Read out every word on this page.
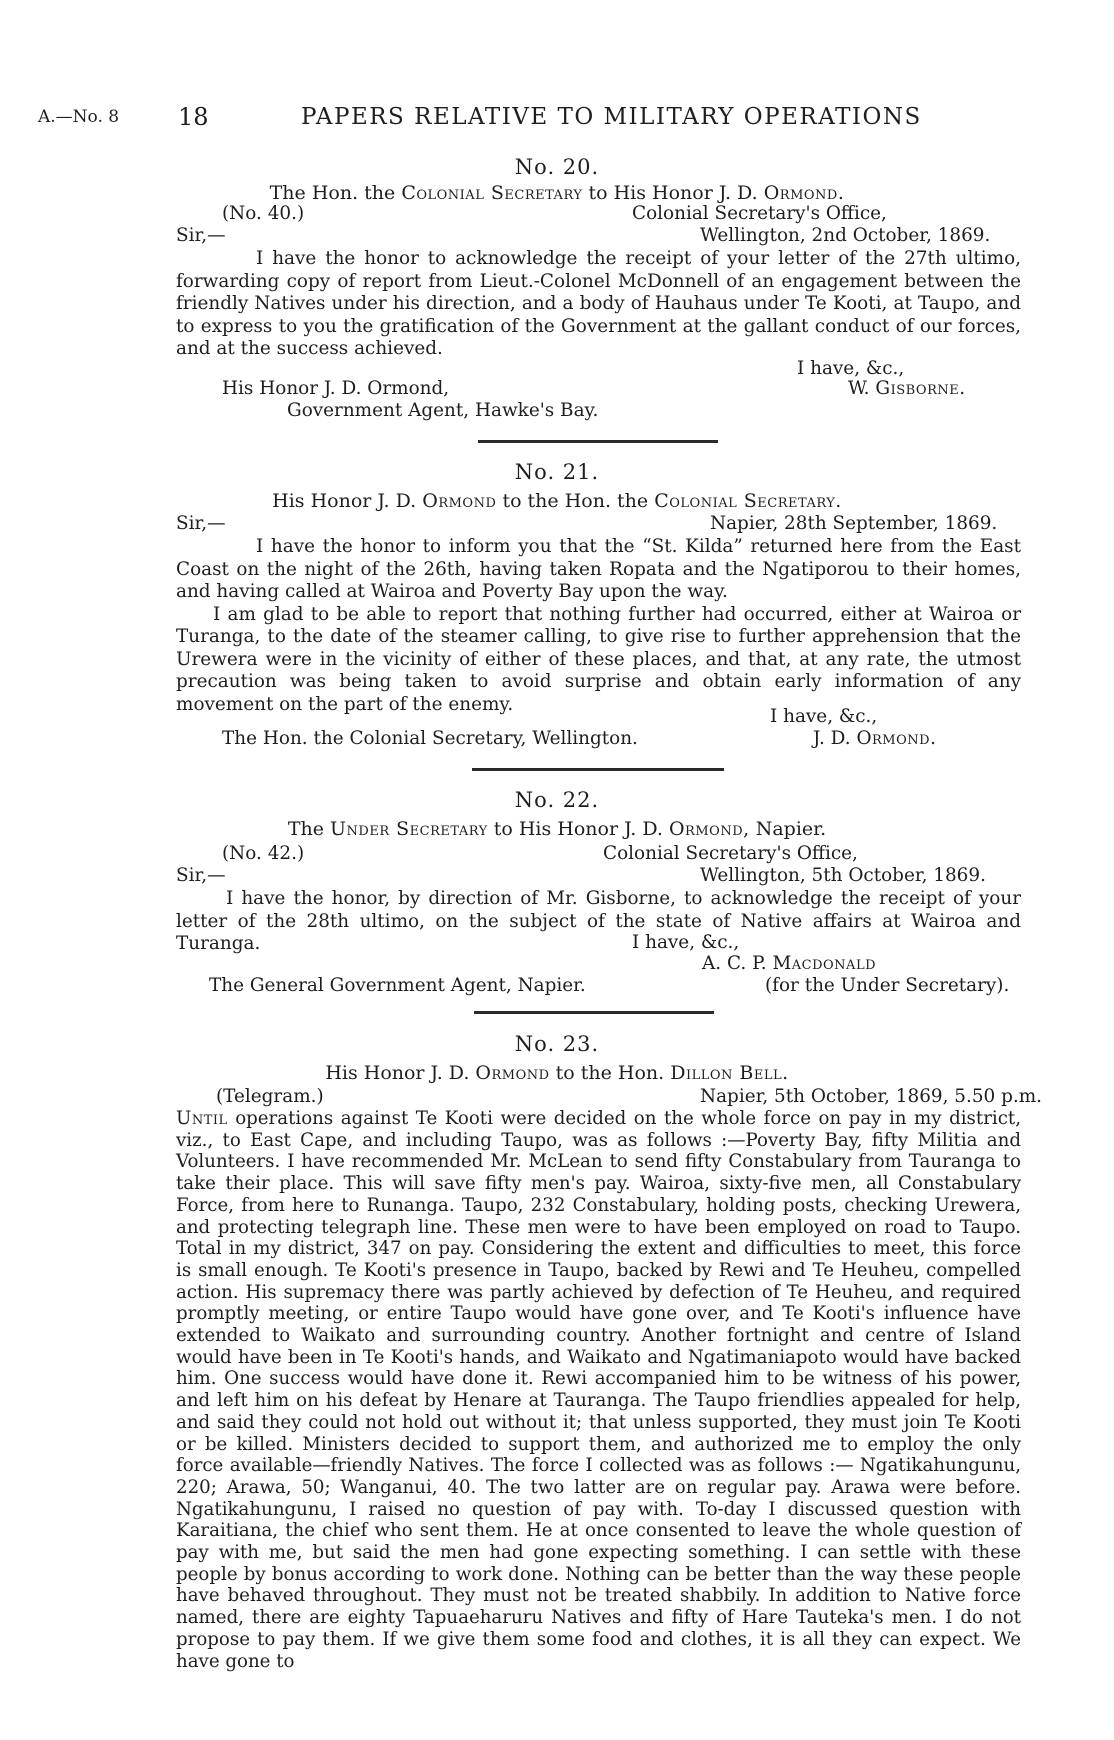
A.—No. 8 18	PAPERS RELATIVE TO MILITARY OPERATIONS
No. 20.
The Hon. the Colonial Secretary to His Honor J. D. Ormond.
(No. 40.)	Colonial Secretary's Office,
Sir,—	Wellington, 2nd October, 1869.

I have the honor to acknowledge the receipt of your letter of the 27th ultimo, forwarding copy of report from Lieut.-Colonel McDonnell of an engagement between the friendly Natives under his direction, and a body of Hauhaus under Te Kooti, at Taupo, and to express to you the gratification of the Government at the gallant conduct of our forces, and at the success achieved.

I have, &c.,
His Honor J. D. Ormond,	W. Gisborne.
Government Agent, Hawke's Bay.
No. 21.
His Honor J. D. Ormond to the Hon. the Colonial Secretary.
Sir,—	Napier, 28th September, 1869.

I have the honor to inform you that the “St. Kilda” returned here from the East Coast on the night of the 26th, having taken Ropata and the Ngatiporou to their homes, and having called at Wairoa and Poverty Bay upon the way.

I am glad to be able to report that nothing further had occurred, either at Wairoa or Turanga, to the date of the steamer calling, to give rise to further apprehension that the Urewera were in the vicinity of either of these places, and that, at any rate, the utmost precaution was being taken to avoid surprise and obtain early information of any movement on the part of the enemy.

I have, &c.,
The Hon. the Colonial Secretary, Wellington.	J. D. Ormond.
No. 22.
The Under Secretary to His Honor J. D. Ormond, Napier.
(No. 42.)	Colonial Secretary's Office,
Sir,—	Wellington, 5th October, 1869.

I have the honor, by direction of Mr. Gisborne, to acknowledge the receipt of your letter of the 28th ultimo, on the subject of the state of Native affairs at Wairoa and Turanga.	I have, &c.,
A. C. P. Macdonald
The General Government Agent, Napier.	(for the Under Secretary).
No. 23.
His Honor J. D. Ormond to the Hon. Dillon Bell.
(Telegram.)	Napier, 5th October, 1869, 5.50 p.m.

Until operations against Te Kooti were decided on the whole force on pay in my district, viz., to East Cape, and including Taupo, was as follows :—Poverty Bay, fifty Militia and Volunteers. I have recommended Mr. McLean to send fifty Constabulary from Tauranga to take their place. This will save fifty men's pay. Wairoa, sixty-five men, all Constabulary Force, from here to Runanga. Taupo, 232 Constabulary, holding posts, checking Urewera, and protecting telegraph line. These men were to have been employed on road to Taupo. Total in my district, 347 on pay. Considering the extent and difficulties to meet, this force is small enough. Te Kooti's presence in Taupo, backed by Rewi and Te Heuheu, compelled action. His supremacy there was partly achieved by defection of Te Heuheu, and required promptly meeting, or entire Taupo would have gone over, and Te Kooti's influence have extended to Waikato and surrounding country. Another fortnight and centre of Island would have been in Te Kooti's hands, and Waikato and Ngatimaniapoto would have backed him. One success would have done it. Rewi accompanied him to be witness of his power, and left him on his defeat by Henare at Tauranga. The Taupo friendlies appealed for help, and said they could not hold out without it; that unless supported, they must join Te Kooti or be killed. Ministers decided to support them, and authorized me to employ the only force available—friendly Natives. The force I collected was as follows :— Ngatikahungunu, 220; Arawa, 50; Wanganui, 40. The two latter are on regular pay. Arawa were before. Ngatikahungunu, I raised no question of pay with. To-day I discussed question with Karaitiana, the chief who sent them. He at once consented to leave the whole question of pay with me, but said the men had gone expecting something. I can settle with these people by bonus according to work done. Nothing can be better than the way these people have behaved throughout. They must not be treated shabbily. In addition to Native force named, there are eighty Tapuaeharuru Natives and fifty of Hare Tauteka's men. I do not propose to pay them. If we give them some food and clothes, it is all they can expect. We have gone to
